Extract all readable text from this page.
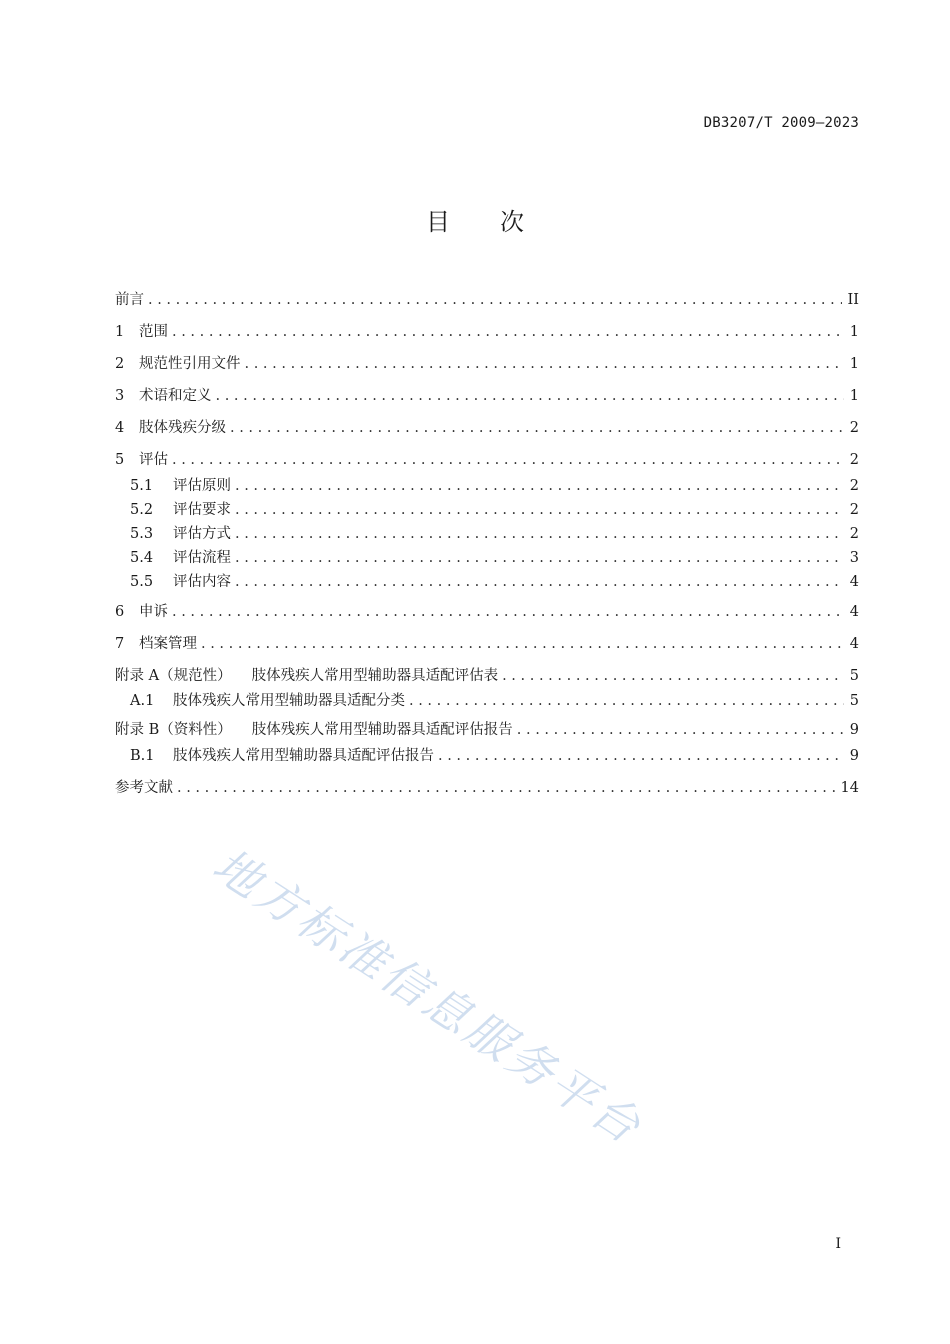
DB3207/T 2009—2023
目 次
前言 . . .	II
1 范围 . . .	1
2 规范性引用文件 . . .	1
3 术语和定义 . . .	1
4 肢体残疾分级 . . .	2
5 评估 . . .	2
5.1 评估原则 . . .	2
5.2 评估要求 . . .	2
5.3 评估方式 . . .	2
5.4 评估流程 . . .	3
5.5 评估内容 . . .	4
6 申诉 . . .	4
7 档案管理 . . .	4
附录 A（规范性） 肢体残疾人常用型辅助器具适配评估表 . . .	5
A.1 肢体残疾人常用型辅助器具适配分类 . . .	5
附录 B（资料性） 肢体残疾人常用型辅助器具适配评估报告 . . .	9
B.1 肢体残疾人常用型辅助器具适配评估报告 . . .	9
参考文献 . . .	14
地方标准信息服务平台
I
